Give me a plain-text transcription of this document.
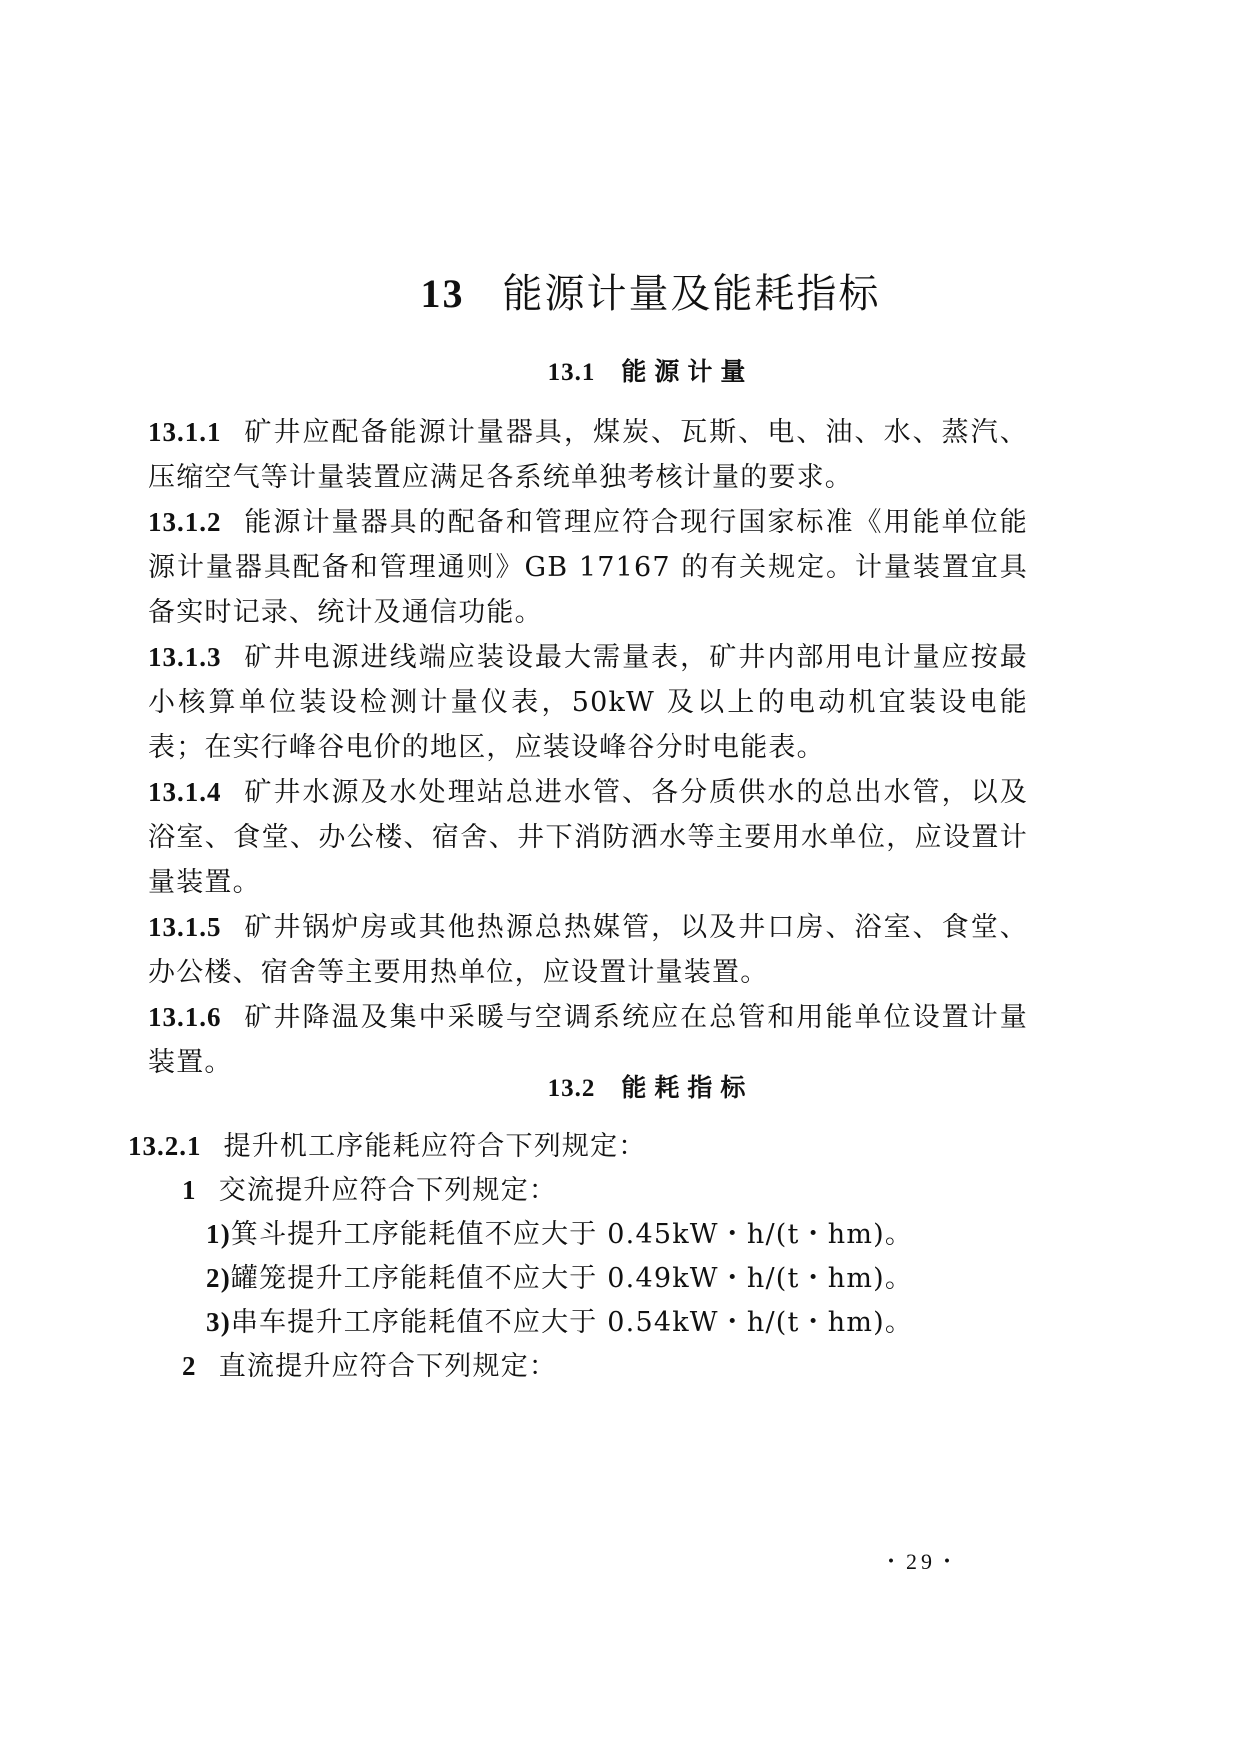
13 能源计量及能耗指标
13.1 能源计量

13.1.1 矿井应配备能源计量器具，煤炭、瓦斯、电、油、水、蒸汽、压缩空气等计量装置应满足各系统单独考核计量的要求。

13.1.2 能源计量器具的配备和管理应符合现行国家标准《用能单位能源计量器具配备和管理通则》GB 17167 的有关规定。计量装置宜具备实时记录、统计及通信功能。

13.1.3 矿井电源进线端应装设最大需量表，矿井内部用电计量应按最小核算单位装设检测计量仪表，50kW 及以上的电动机宜装设电能表；在实行峰谷电价的地区，应装设峰谷分时电能表。

13.1.4 矿井水源及水处理站总进水管、各分质供水的总出水管，以及浴室、食堂、办公楼、宿舍、井下消防洒水等主要用水单位，应设置计量装置。

13.1.5 矿井锅炉房或其他热源总热媒管，以及井口房、浴室、食堂、办公楼、宿舍等主要用热单位，应设置计量装置。

13.1.6 矿井降温及集中采暖与空调系统应在总管和用能单位设置计量装置。

13.2 能耗指标
13.2.1 提升机工序能耗应符合下列规定：
1 交流提升应符合下列规定：
1)箕斗提升工序能耗值不应大于 0.45kW・h/(t・hm)。
2)罐笼提升工序能耗值不应大于 0.49kW・h/(t・hm)。
3)串车提升工序能耗值不应大于 0.54kW・h/(t・hm)。
2 直流提升应符合下列规定：
・29・
